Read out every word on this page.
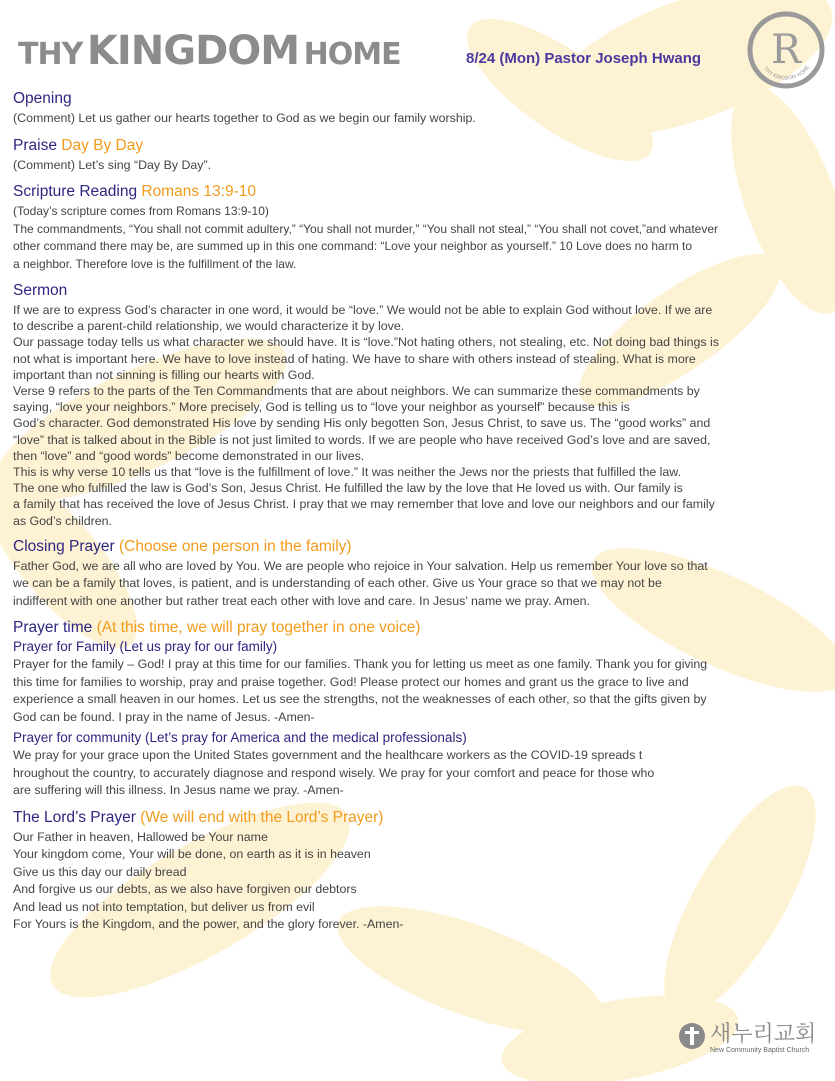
THY KINGDOM HOME	8/24 (Mon) Pastor Joseph Hwang R
THY KINGDOM HOME
Opening

(Comment) Let us gather our hearts together to God as we begin our family worship.

Praise Day By Day

(Comment) Let’s sing “Day By Day”.

Scripture Reading Romans 13:9-10

(Today’s scripture comes from Romans 13:9-10)

The commandments, “You shall not commit adultery,” “You shall not murder,” “You shall not steal,” “You shall not covet,”and whatever

other command there may be, are summed up in this one command: “Love your neighbor as yourself.” 10 Love does no harm to

a neighbor. Therefore love is the fulfillment of the law.

Sermon

If we are to express God’s character in one word, it would be “love.” We would not be able to explain God without love. If we are

to describe a parent-child relationship, we would characterize it by love.

Our passage today tells us what character we should have. It is “love.”Not hating others, not stealing, etc. Not doing bad things is

not what is important here. We have to love instead of hating. We have to share with others instead of stealing. What is more

important than not sinning is filling our hearts with God.

Verse 9 refers to the parts of the Ten Commandments that are about neighbors. We can summarize these commandments by

saying, “love your neighbors.” More precisely, God is telling us to “love your neighbor as yourself” because this is

God’s character. God demonstrated His love by sending His only begotten Son, Jesus Christ, to save us. The “good works” and

“love” that is talked about in the Bible is not just limited to words. If we are people who have received God’s love and are saved,

then “love” and “good words” become demonstrated in our lives.

This is why verse 10 tells us that “love is the fulfillment of love.” It was neither the Jews nor the priests that fulfilled the law.

The one who fulfilled the law is God’s Son, Jesus Christ. He fulfilled the law by the love that He loved us with. Our family is

a family that has received the love of Jesus Christ. I pray that we may remember that love and love our neighbors and our family

as God’s children.

Closing Prayer (Choose one person in the family)

Father God, we are all who are loved by You. We are people who rejoice in Your salvation. Help us remember Your love so that

we can be a family that loves, is patient, and is understanding of each other. Give us Your grace so that we may not be

indifferent with one another but rather treat each other with love and care. In Jesus’ name we pray. Amen.

Prayer time (At this time, we will pray together in one voice)
Prayer for Family (Let us pray for our family)

Prayer for the family – God! I pray at this time for our families. Thank you for letting us meet as one family. Thank you for giving

this time for families to worship, pray and praise together. God! Please protect our homes and grant us the grace to live and

experience a small heaven in our homes. Let us see the strengths, not the weaknesses of each other, so that the gifts given by

God can be found. I pray in the name of Jesus. -Amen-

Prayer for community (Let’s pray for America and the medical professionals)

We pray for your grace upon the United States government and the healthcare workers as the COVID-19 spreads t

hroughout the country, to accurately diagnose and respond wisely. We pray for your comfort and peace for those who

are suffering will this illness. In Jesus name we pray. -Amen-

The Lord’s Prayer (We will end with the Lord’s Prayer)

Our Father in heaven, Hallowed be Your name

Your kingdom come, Your will be done, on earth as it is in heaven

Give us this day our daily bread

And forgive us our debts, as we also have forgiven our debtors

And lead us not into temptation, but deliver us from evil

For Yours is the Kingdom, and the power, and the glory forever. -Amen-

새누리교회
New Community Baptist Church
